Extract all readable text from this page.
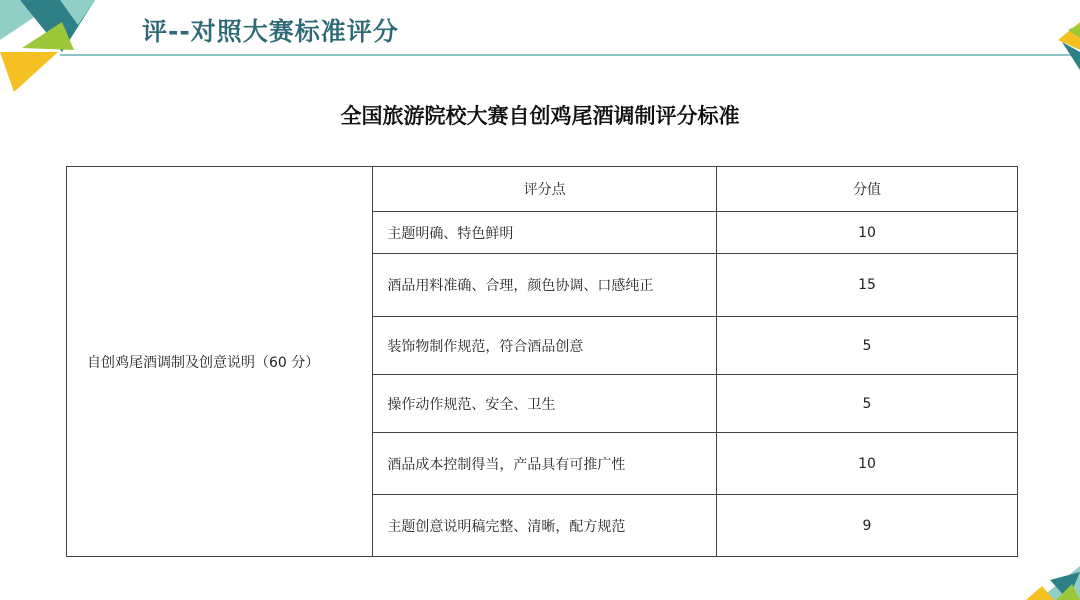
评--对照大赛标准评分
全国旅游院校大赛自创鸡尾酒调制评分标准
自创鸡尾酒调制及创意说明（60 分）	评分点	分值
	主题明确、特色鲜明	10
	酒品用料准确、合理，颜色协调、口感纯正	15
	装饰物制作规范，符合酒品创意	5
	操作动作规范、安全、卫生	5
	酒品成本控制得当，产品具有可推广性	10
	主题创意说明稿完整、清晰，配方规范	9
